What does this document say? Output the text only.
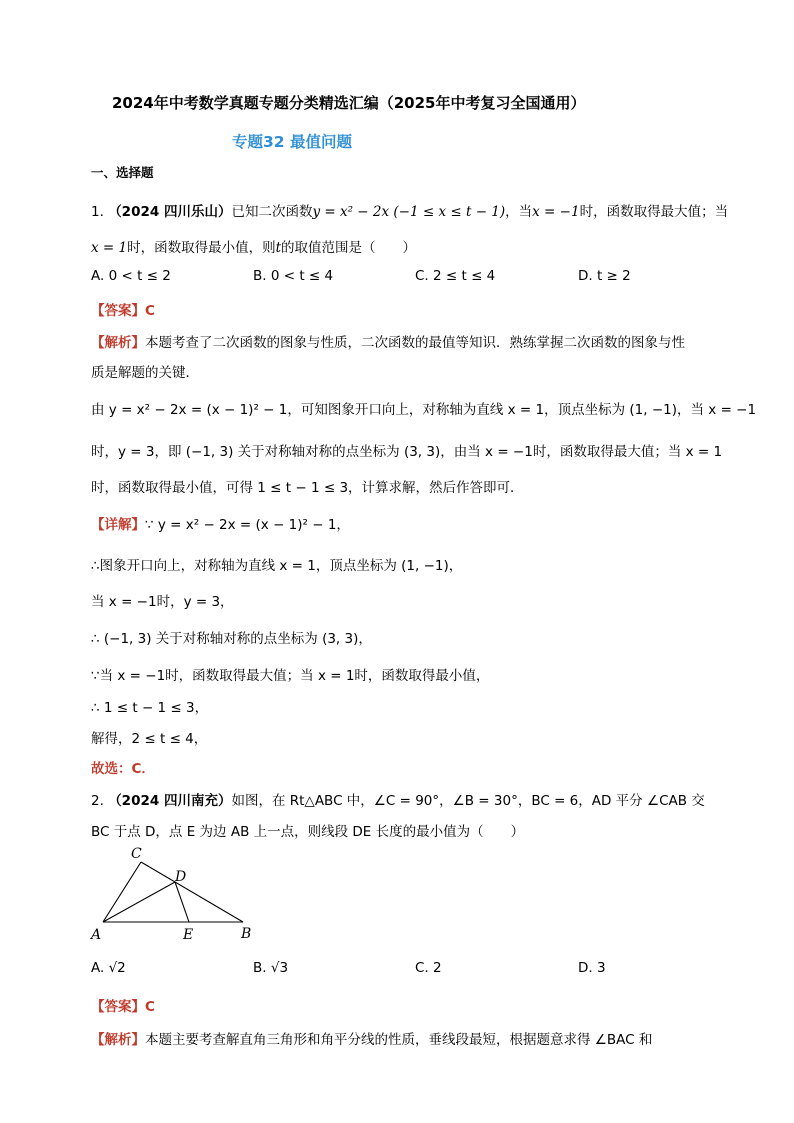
2024年中考数学真题专题分类精选汇编（2025年中考复习全国通用）
专题32 最值问题
一、选择题
1. （2024 四川乐山）已知二次函数y = x² − 2x (−1 ≤ x ≤ t − 1)，当x = −1时，函数取得最大值；当
x = 1时，函数取得最小值，则t的取值范围是（　　）
A. 0 < t ≤ 2	B. 0 < t ≤ 4	C. 2 ≤ t ≤ 4	D. t ≥ 2
【答案】C
【解析】本题考查了二次函数的图象与性质，二次函数的最值等知识．熟练掌握二次函数的图象与性
质是解题的关键．
由 y = x² − 2x = (x − 1)² − 1，可知图象开口向上，对称轴为直线 x = 1，顶点坐标为 (1, −1)，当 x = −1
时，y = 3，即 (−1, 3) 关于对称轴对称的点坐标为 (3, 3)，由当 x = −1时，函数取得最大值；当 x = 1
时，函数取得最小值，可得 1 ≤ t − 1 ≤ 3，计算求解，然后作答即可．
【详解】∵ y = x² − 2x = (x − 1)² − 1，
∴图象开口向上，对称轴为直线 x = 1，顶点坐标为 (1, −1)，
当 x = −1时，y = 3，
∴ (−1, 3) 关于对称轴对称的点坐标为 (3, 3)，
∵当 x = −1时，函数取得最大值；当 x = 1时，函数取得最小值，
∴ 1 ≤ t − 1 ≤ 3，
解得，2 ≤ t ≤ 4，
故选：C．
2. （2024 四川南充）如图，在 Rt△ABC 中，∠C = 90°，∠B = 30°，BC = 6，AD 平分 ∠CAB 交
BC 于点 D，点 E 为边 AB 上一点，则线段 DE 长度的最小值为（　　）
C
D
A	E	B
A. √2	B. √3	C. 2	D. 3
【答案】C
【解析】本题主要考查解直角三角形和角平分线的性质，垂线段最短，根据题意求得 ∠BAC 和
